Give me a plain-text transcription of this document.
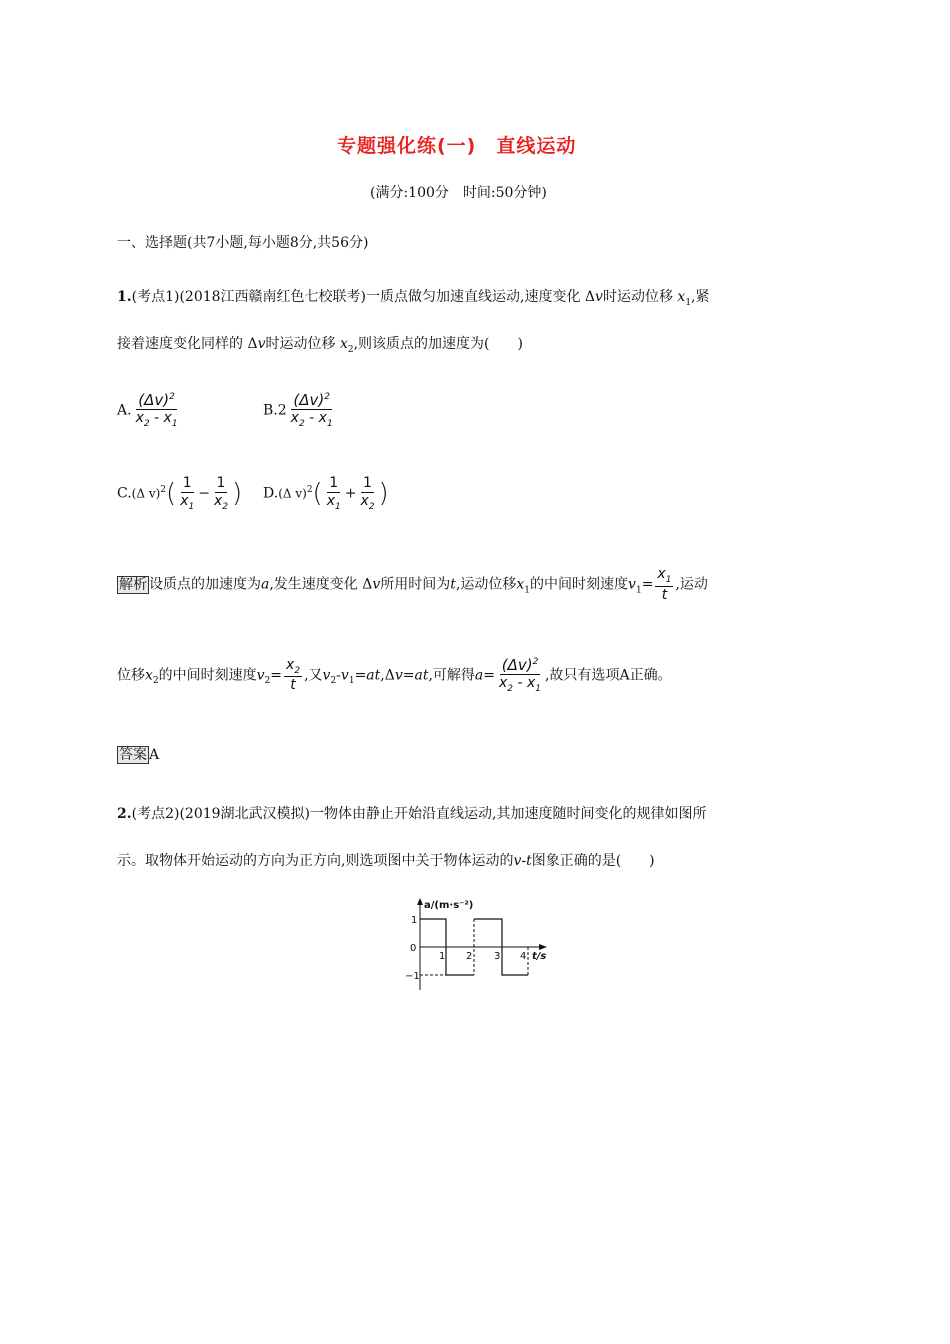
专题强化练(一)　直线运动
(满分:100分　时间:50分钟)
一、选择题(共7小题,每小题8分,共56分)
1.(考点1)(2018江西赣南红色七校联考)一质点做匀加速直线运动,速度变化 Δv时运动位移 $x_1$,紧
接着速度变化同样的 Δv时运动位移 $x_2$,则该质点的加速度为(　　)
A. $\frac{(\Delta v)^2}{x_2 - x_1}$	$B.2 \frac{(\Delta v)^2}{x_2 - x_1}$
C.(Δ $v)^2( \frac{1}{x_1} - \frac{1}{x_2}$ ) D.(Δ $v)^2( \frac{1}{x_1} + \frac{1}{x_2}$ )
解析 设质点的加速度为a,发生速度变化 Δv所用时间为t,运动位移$x_1$的中间时刻速度$v_1= \frac{x_1}{t}$ ,运动
位移$x_2$的中间时刻速度$v_2= \frac{x_2}{t}$ ,又$v_2-v_1=at,\Delta v=at$,可解得$a= \frac{(\Delta v)^2}{x_2 - x_1}$ ,故只有选项A正确。
答案 A
2.(考点2)(2019湖北武汉模拟)一物体由静止开始沿直线运动,其加速度随时间变化的规律如图所
示。取物体开始运动的方向为正方向,则选项图中关于物体运动的v-t图象正确的是(　　)
a/(m·s⁻²)
t/s
0
1
−1
1 2 3 4
